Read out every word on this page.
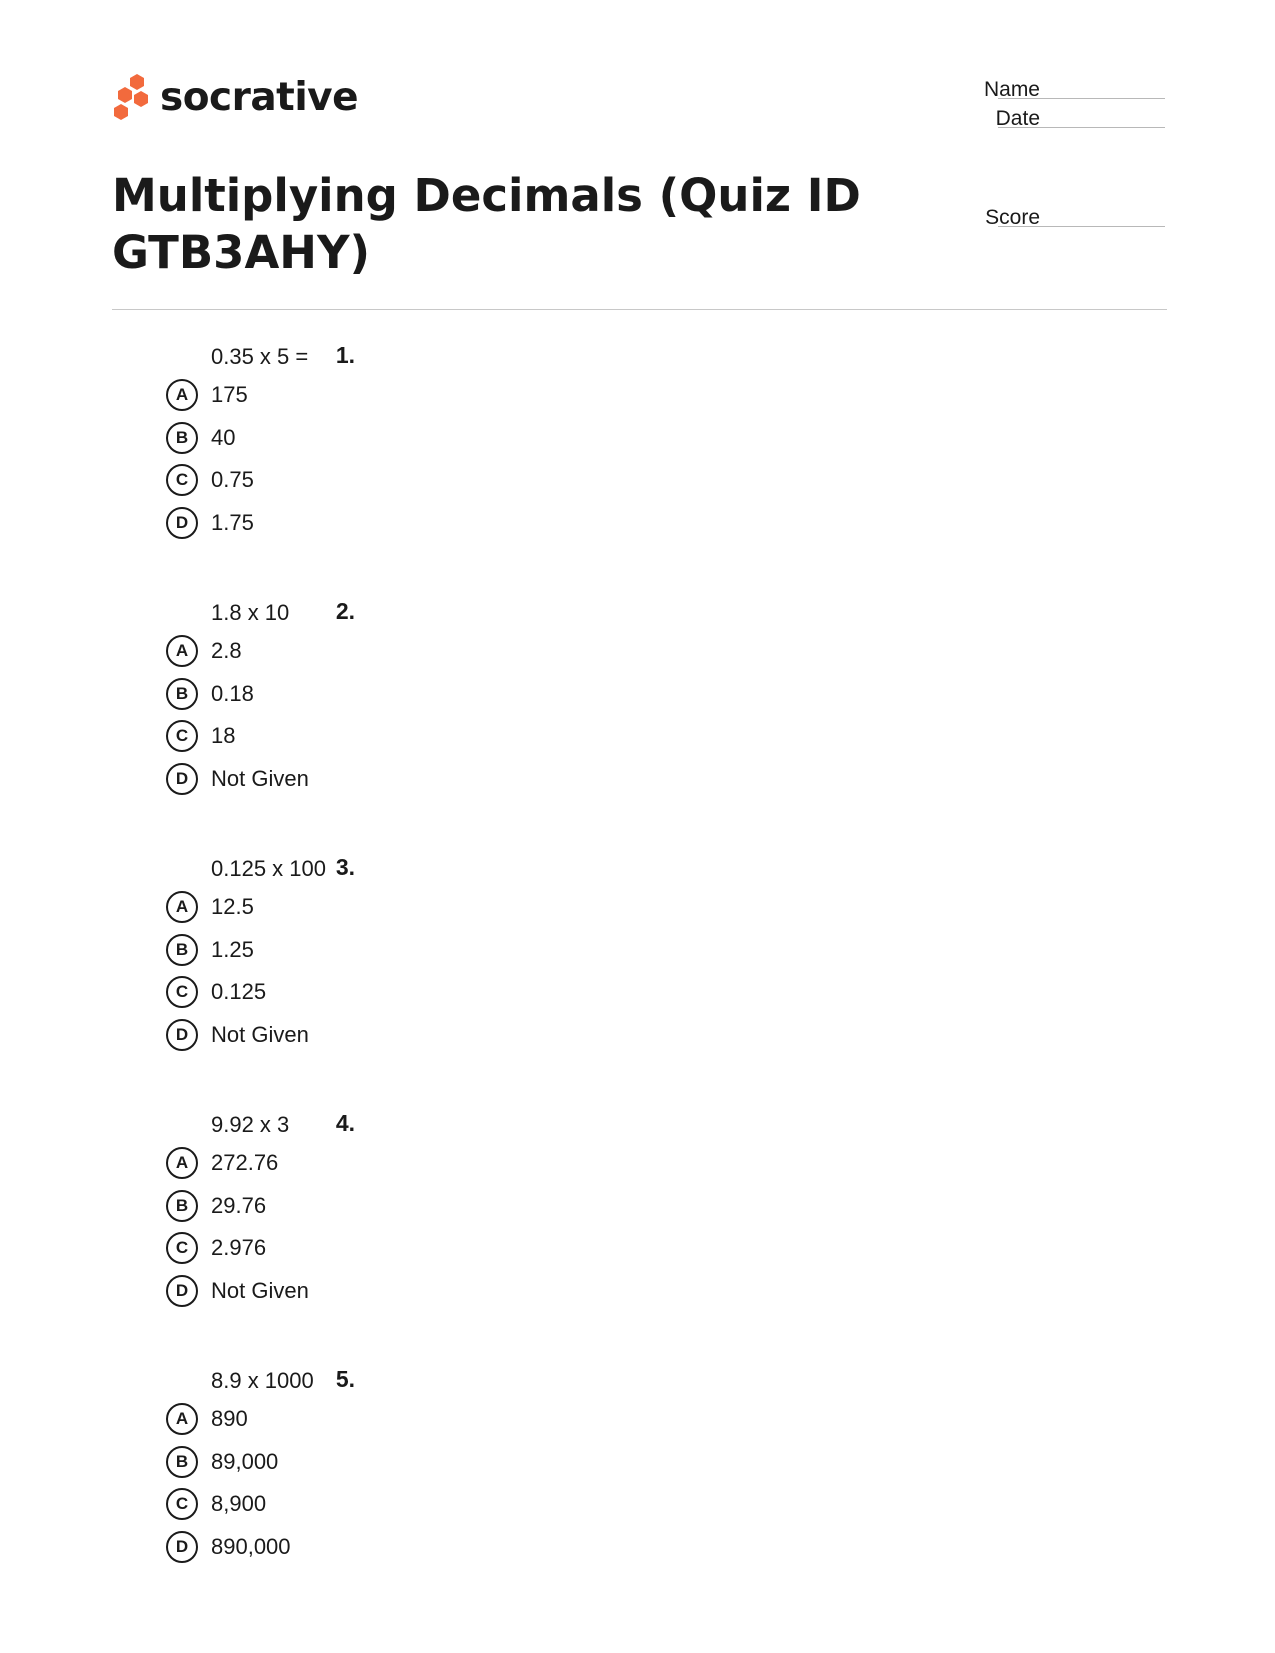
socrative	Name
Date
Score
Multiplying Decimals (Quiz ID GTB3AHY)
1.
0.35 x 5 =
A	175
B	40
C	0.75
D	1.75
2.
1.8 x 10
A	2.8
B	0.18
C	18
D	Not Given
3.
0.125 x 100
A	12.5
B	1.25
C	0.125
D	Not Given
4.
9.92 x 3
A	272.76
B	29.76
C	2.976
D	Not Given
5.
8.9 x 1000
A	890
B	89,000
C	8,900
D	890,000
